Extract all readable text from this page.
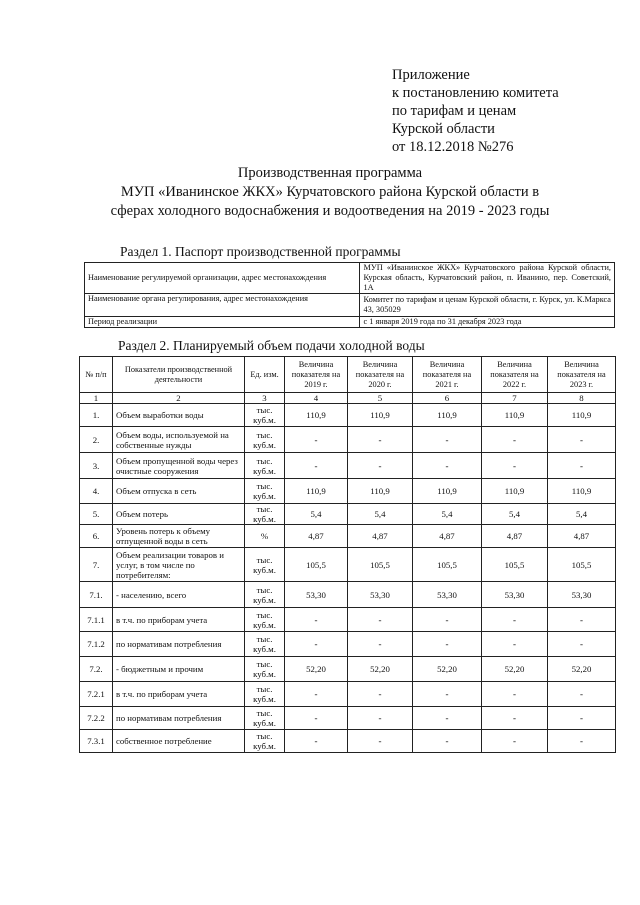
Приложение
к постановлению комитета
по тарифам и ценам
Курской области
от 18.12.2018 №276
Производственная программа
МУП «Иванинское ЖКХ» Курчатовского района Курской области в
сферах холодного водоснабжения и водоотведения на 2019 - 2023 годы
Раздел 1. Паспорт производственной программы
Наименование регулируемой организации, адрес местонахождения	МУП «Иванинское ЖКХ» Курчатовского района Курской области, Курская область, Курчатовский район, п. Иванино, пер. Советский, 1А
Наименование органа регулирования, адрес местонахождения	Комитет по тарифам и ценам Курской области, г. Курск, ул. К.Маркса 43, 305029
Период реализации	с 1 января 2019 года по 31 декабря 2023 года
Раздел 2. Планируемый объем подачи холодной воды
№ п/п	Показатели производственной деятельности	Ед. изм.	Величина показателя на 2019 г.	Величина показателя на 2020 г.	Величина показателя на 2021 г.	Величина показателя на 2022 г.	Величина показателя на 2023 г.
1	2	3	4	5	6	7	8
1.	Объем выработки воды	тыс. куб.м.	110,9	110,9	110,9	110,9	110,9
2.	Объем воды, используемой на собственные нужды	тыс. куб.м.	-	-	-	-	-
3.	Объем пропущенной воды через очистные сооружения	тыс. куб.м.	-	-	-	-	-
4.	Объем отпуска в сеть	тыс. куб.м.	110,9	110,9	110,9	110,9	110,9
5.	Объем потерь	тыс. куб.м.	5,4	5,4	5,4	5,4	5,4
6.	Уровень потерь к объему отпущенной воды в сеть	%	4,87	4,87	4,87	4,87	4,87
7.	Объем реализации товаров и услуг, в том числе по потребителям:	тыс. куб.м.	105,5	105,5	105,5	105,5	105,5
7.1.	- населению, всего	тыс. куб.м.	53,30	53,30	53,30	53,30	53,30
7.1.1	в т.ч. по приборам учета	тыс. куб.м.	-	-	-	-	-
7.1.2	по нормативам потребления	тыс. куб.м.	-	-	-	-	-
7.2.	- бюджетным и прочим	тыс. куб.м.	52,20	52,20	52,20	52,20	52,20
7.2.1	в т.ч. по приборам учета	тыс. куб.м.	-	-	-	-	-
7.2.2	по нормативам потребления	тыс. куб.м.	-	-	-	-	-
7.3.1	собственное потребление	тыс. куб.м.	-	-	-	-	-
